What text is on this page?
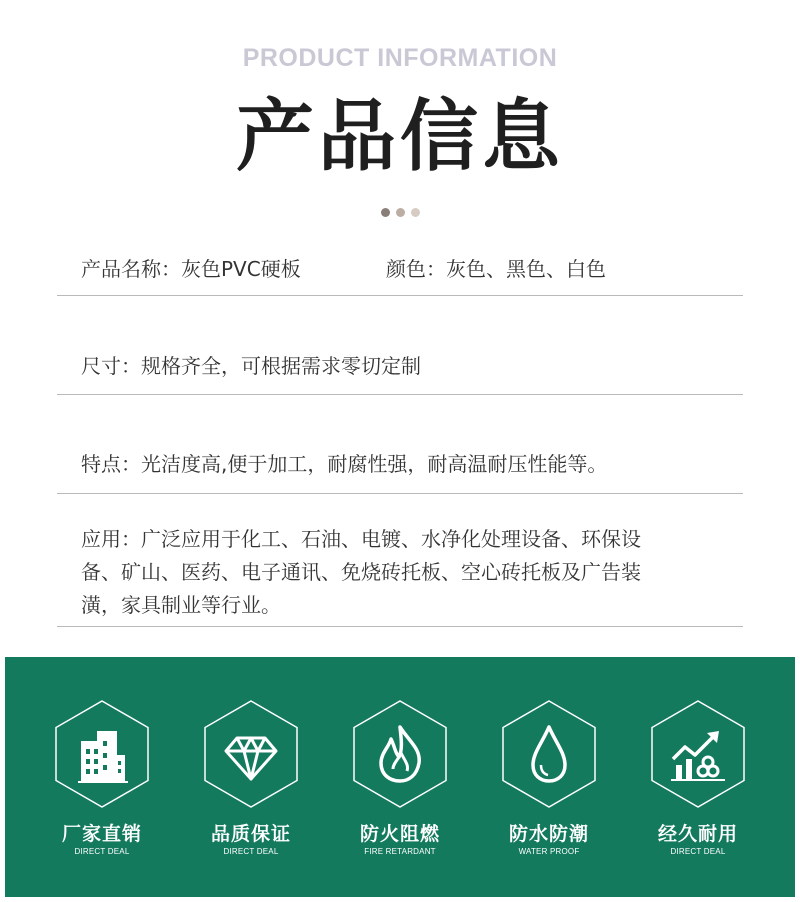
PRODUCT INFORMATION
产品信息
产品名称：灰色PVC硬板	颜色：灰色、黑色、白色
尺寸：规格齐全，可根据需求零切定制
特点：光洁度高,便于加工，耐腐性强，耐高温耐压性能等。
应用：广泛应用于化工、石油、电镀、水净化处理设备、环保设
备、矿山、医药、电子通讯、免烧砖托板、空心砖托板及广告装
潢，家具制业等行业。
厂家直销
DIRECT DEAL
品质保证
DIRECT DEAL
防火阻燃
FIRE RETARDANT
防水防潮
WATER PROOF
经久耐用
DIRECT DEAL
